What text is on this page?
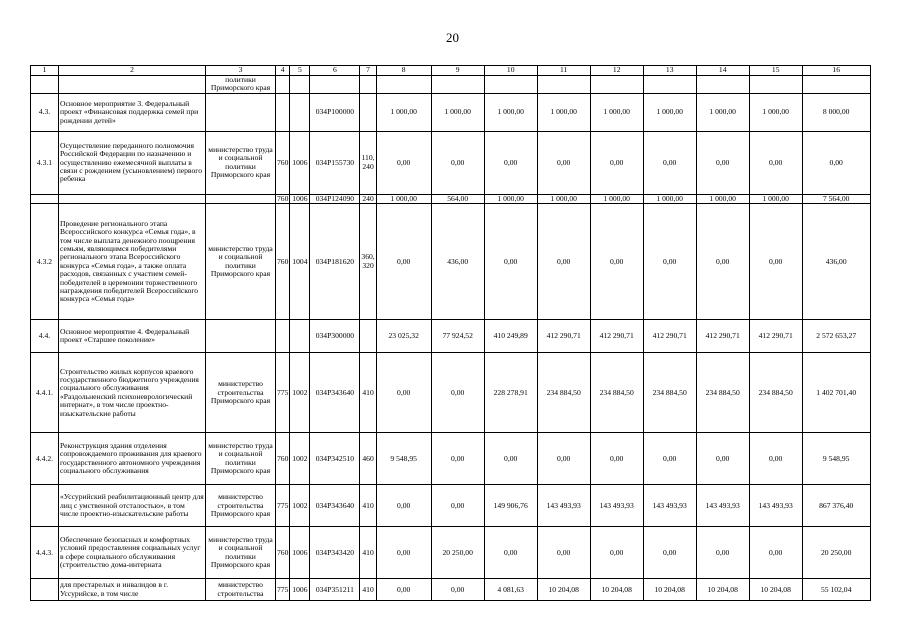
20
1	2	3	4	5	6	7	8	9	10	11	12	13	14	15	16
		политики Приморского края													
4.3.	Основное мероприятие 3. Федеральный проект «Финансовая поддержка семей при рождении детей»				034P100000		1 000,00	1 000,00	1 000,00	1 000,00	1 000,00	1 000,00	1 000,00	1 000,00	8 000,00
4.3.1	Осуществление переданного полномочия Российской Федерации по назначению и осуществлению ежемесячной выплаты в связи с рождением (усыновлением) первого ребенка	министерство труда и социальной политики Приморского края	760	1006	034P155730	110, 240	0,00	0,00	0,00	0,00	0,00	0,00	0,00	0,00	0,00
			760	1006	034P124090	240	1 000,00	564,00	1 000,00	1 000,00	1 000,00	1 000,00	1 000,00	1 000,00	7 564,00
4.3.2	Проведение регионального этапа Всероссийского конкурса «Семья года», в том числе выплата денежного поощрения семьям, являющимся победителями регионального этапа Всероссийского конкурса «Семья года», а также оплата расходов, связанных с участием семей-победителей в церемонии торжественного награждения победителей Всероссийского конкурса «Семья года»	министерство труда и социальной политики Приморского края	760	1004	034P181620	360, 320	0,00	436,00	0,00	0,00	0,00	0,00	0,00	0,00	436,00
4.4.	Основное мероприятие 4. Федеральный проект «Старшее поколение»				034P300000		23 025,32	77 924,52	410 249,89	412 290,71	412 290,71	412 290,71	412 290,71	412 290,71	2 572 653,27
4.4.1.	Строительство жилых корпусов краевого государственного бюджетного учреждения социального обслуживания «Раздольненский психоневрологический интернат», в том числе проектно-изыскательские работы	министерство строительства Приморского края	775	1002	034P343640	410	0,00	0,00	228 278,91	234 884,50	234 884,50	234 884,50	234 884,50	234 884,50	1 402 701,40
4.4.2.	Реконструкция здания отделения сопровождаемого проживания для краевого государственного автономного учреждения социального обслуживания	министерство труда и социальной политики Приморского края	760	1002	034P342510	460	9 548,95	0,00	0,00	0,00	0,00	0,00	0,00	0,00	9 548,95
	«Уссурийский реабилитационный центр для лиц с умственной отсталостью», в том числе проектно-изыскательские работы	министерство строительства Приморского края	775	1002	034P343640	410	0,00	0,00	149 906,76	143 493,93	143 493,93	143 493,93	143 493,93	143 493,93	867 376,40
4.4.3.	Обеспечение безопасных и комфортных условий предоставления социальных услуг в сфере социального обслуживания (строительство дома-интерната	министерство труда и социальной политики Приморского края	760	1006	034P343420	410	0,00	20 250,00	0,00	0,00	0,00	0,00	0,00	0,00	20 250,00
	для престарелых и инвалидов в г. Уссурийске, в том числе	министерство строительства	775	1006	034P351211	410	0,00	0,00	4 081,63	10 204,08	10 204,08	10 204,08	10 204,08	10 204,08	55 102,04
